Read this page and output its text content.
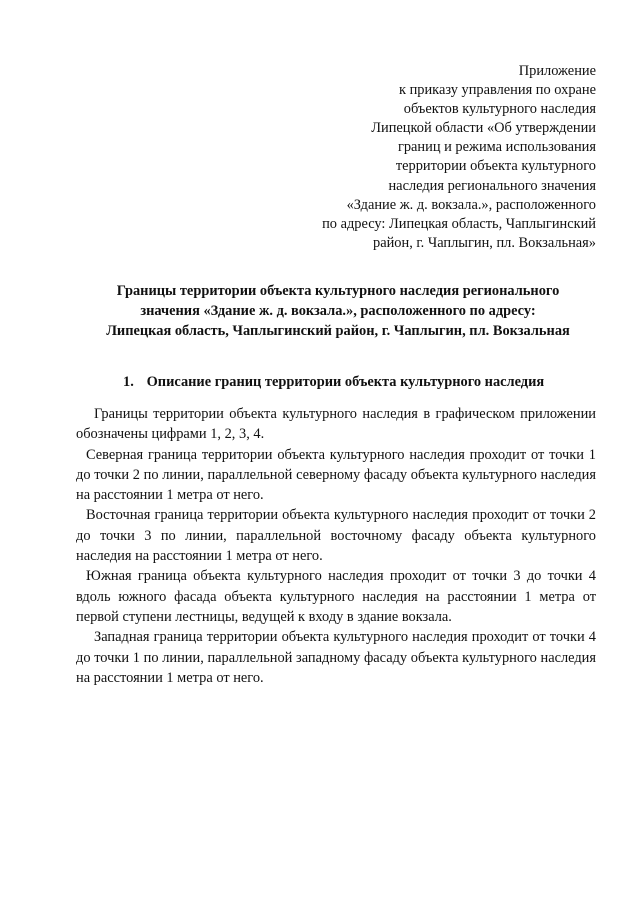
Приложение
к приказу управления по охране
объектов культурного наследия
Липецкой области «Об утверждении
границ и режима использования
территории объекта культурного
наследия регионального значения
«Здание ж. д. вокзала.», расположенного
по адресу: Липецкая область, Чаплыгинский
район, г. Чаплыгин, пл. Вокзальная»
Границы территории объекта культурного наследия регионального
значения «Здание ж. д. вокзала.», расположенного по адресу:
Липецкая область, Чаплыгинский район, г. Чаплыгин, пл. Вокзальная
1. Описание границ территории объекта культурного наследия

Границы территории объекта культурного наследия в графическом приложении обозначены цифрами 1, 2, 3, 4.

Северная граница территории объекта культурного наследия проходит от точки 1 до точки 2 по линии, параллельной северному фасаду объекта культурного наследия на расстоянии 1 метра от него.

Восточная граница территории объекта культурного наследия проходит от точки 2 до точки 3 по линии, параллельной восточному фасаду объекта культурного наследия на расстоянии 1 метра от него.

Южная граница объекта культурного наследия проходит от точки 3 до точки 4 вдоль южного фасада объекта культурного наследия на расстоянии 1 метра от первой ступени лестницы, ведущей к входу в здание вокзала.

Западная граница территории объекта культурного наследия проходит от точки 4 до точки 1 по линии, параллельной западному фасаду объекта культурного наследия на расстоянии 1 метра от него.
